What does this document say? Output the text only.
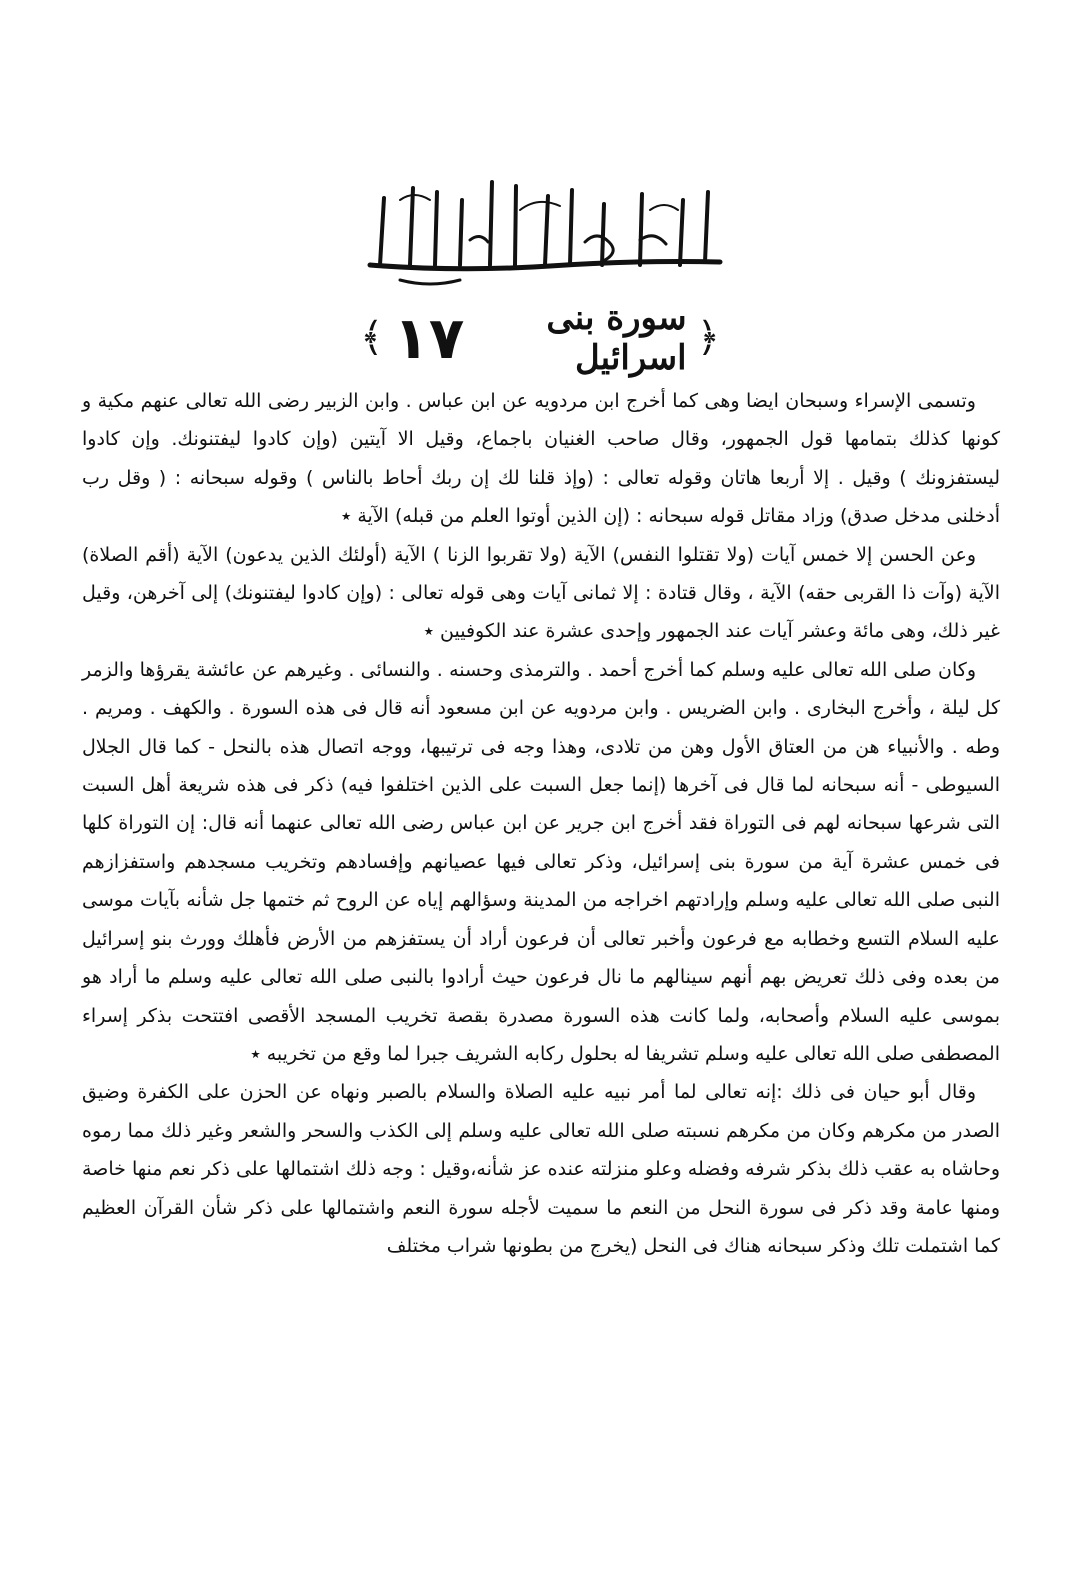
﴿
سورة بنى اسرائيل
١٧
﴾

وتسمى الإسراء وسبحان ايضا وهى كما أخرج ابن مردويه عن ابن عباس . وابن الزبير رضى الله تعالى عنهم مكية و كونها كذلك بتمامها قول الجمهور، وقال صاحب الغنيان باجماع، وقيل الا آيتين (وإن كادوا ليفتنونك. وإن كادوا ليستفزونك ) وقيل . إلا أربعا هاتان وقوله تعالى : (وإذ قلنا لك إن ربك أحاط بالناس ) وقوله سبحانه : ( وقل رب أدخلنى مدخل صدق) وزاد مقاتل قوله سبحانه : (إن الذين أوتوا العلم من قبله) الآية ٭

وعن الحسن إلا خمس آيات (ولا تقتلوا النفس) الآية (ولا تقربوا الزنا ) الآية (أولئك الذين يدعون) الآية (أقم الصلاة) الآية (وآت ذا القربى حقه) الآية ، وقال قتادة : إلا ثمانى آيات وهى قوله تعالى : (وإن كادوا ليفتنونك) إلى آخرهن، وقيل غير ذلك، وهى مائة وعشر آيات عند الجمهور وإحدى عشرة عند الكوفيين ٭

وكان صلى الله تعالى عليه وسلم كما أخرج أحمد . والترمذى وحسنه . والنسائى . وغيرهم عن عائشة يقرؤها والزمر كل ليلة ، وأخرج البخارى . وابن الضريس . وابن مردويه عن ابن مسعود أنه قال فى هذه السورة . والكهف . ومريم . وطه . والأنبياء هن من العتاق الأول وهن من تلادى، وهذا وجه فى ترتيبها، ووجه اتصال هذه بالنحل - كما قال الجلال السيوطى - أنه سبحانه لما قال فى آخرها (إنما جعل السبت على الذين اختلفوا فيه) ذكر فى هذه شريعة أهل السبت التى شرعها سبحانه لهم فى التوراة فقد أخرج ابن جرير عن ابن عباس رضى الله تعالى عنهما أنه قال: إن التوراة كلها فى خمس عشرة آية من سورة بنى إسرائيل، وذكر تعالى فيها عصيانهم وإفسادهم وتخريب مسجدهم واستفزازهم النبى صلى الله تعالى عليه وسلم وإرادتهم اخراجه من المدينة وسؤالهم إياه عن الروح ثم ختمها جل شأنه بآيات موسى عليه السلام التسع وخطابه مع فرعون وأخبر تعالى أن فرعون أراد أن يستفزهم من الأرض فأهلك وورث بنو إسرائيل من بعده وفى ذلك تعريض بهم أنهم سينالهم ما نال فرعون حيث أرادوا بالنبى صلى الله تعالى عليه وسلم ما أراد هو بموسى عليه السلام وأصحابه، ولما كانت هذه السورة مصدرة بقصة تخريب المسجد الأقصى افتتحت بذكر إسراء المصطفى صلى الله تعالى عليه وسلم تشريفا له بحلول ركابه الشريف جبرا لما وقع من تخريبه ٭

وقال أبو حيان فى ذلك :إنه تعالى لما أمر نبيه عليه الصلاة والسلام بالصبر ونهاه عن الحزن على الكفرة وضيق الصدر من مكرهم وكان من مكرهم نسبته صلى الله تعالى عليه وسلم إلى الكذب والسحر والشعر وغير ذلك مما رموه وحاشاه به عقب ذلك بذكر شرفه وفضله وعلو منزلته عنده عز شأنه،وقيل : وجه ذلك اشتمالها على ذكر نعم منها خاصة ومنها عامة وقد ذكر فى سورة النحل من النعم ما سميت لأجله سورة النعم واشتمالها على ذكر شأن القرآن العظيم كما اشتملت تلك وذكر سبحانه هناك فى النحل (يخرج من بطونها شراب مختلف
